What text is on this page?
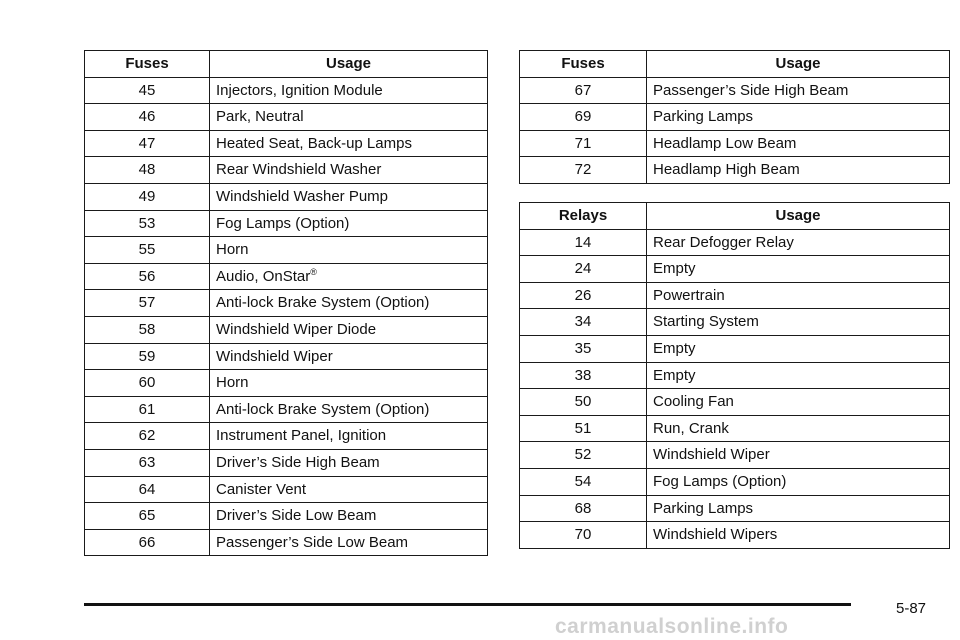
Fuses	Usage
45	Injectors, Ignition Module
46	Park, Neutral
47	Heated Seat, Back-up Lamps
48	Rear Windshield Washer
49	Windshield Washer Pump
53	Fog Lamps (Option)
55	Horn
56	Audio, OnStar®
57	Anti-lock Brake System (Option)
58	Windshield Wiper Diode
59	Windshield Wiper
60	Horn
61	Anti-lock Brake System (Option)
62	Instrument Panel, Ignition
63	Driver’s Side High Beam
64	Canister Vent
65	Driver’s Side Low Beam
66	Passenger’s Side Low Beam
Fuses	Usage
67	Passenger’s Side High Beam
69	Parking Lamps
71	Headlamp Low Beam
72	Headlamp High Beam
Relays	Usage
14	Rear Defogger Relay
24	Empty
26	Powertrain
34	Starting System
35	Empty
38	Empty
50	Cooling Fan
51	Run, Crank
52	Windshield Wiper
54	Fog Lamps (Option)
68	Parking Lamps
70	Windshield Wipers
5-87
carmanualsonline.info
